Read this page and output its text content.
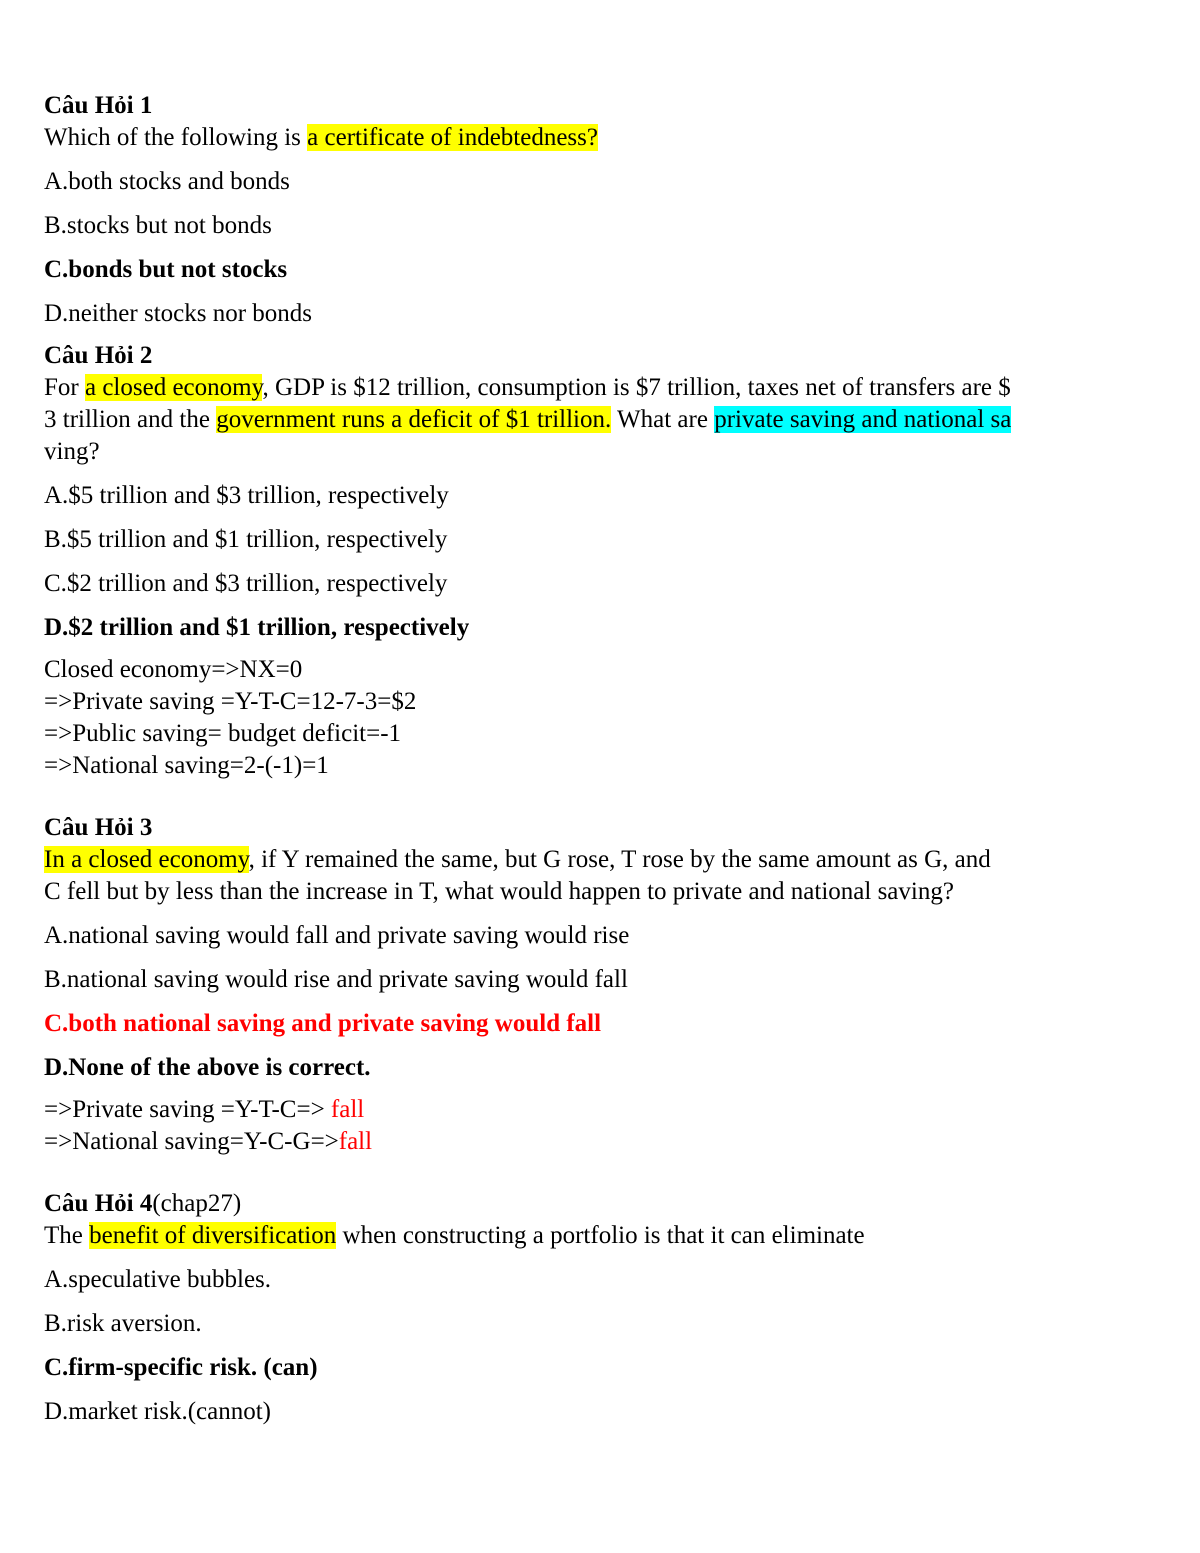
Câu Hỏi 1

Which of the following is a certificate of indebtedness?

A.both stocks and bonds

B.stocks but not bonds

C.bonds but not stocks

D.neither stocks nor bonds

Câu Hỏi 2

For a closed economy, GDP is $12 trillion, consumption is $7 trillion, taxes net of transfers are $
3 trillion and the government runs a deficit of $1 trillion. What are private saving and national sa
ving?

A.$5 trillion and $3 trillion, respectively

B.$5 trillion and $1 trillion, respectively

C.$2 trillion and $3 trillion, respectively

D.$2 trillion and $1 trillion, respectively

Closed economy=>NX=0
=>Private saving =Y-T-C=12-7-3=$2
=>Public saving= budget deficit=-1
=>National saving=2-(-1)=1

Câu Hỏi 3

In a closed economy, if Y remained the same, but G rose, T rose by the same amount as G, and
C fell but by less than the increase in T, what would happen to private and national saving?

A.national saving would fall and private saving would rise

B.national saving would rise and private saving would fall

C.both national saving and private saving would fall

D.None of the above is correct.

=>Private saving =Y-T-C=> fall
=>National saving=Y-C-G=>fall

Câu Hỏi 4(chap27)

The benefit of diversification when constructing a portfolio is that it can eliminate

A.speculative bubbles.

B.risk aversion.

C.firm-specific risk. (can)

D.market risk.(cannot)
